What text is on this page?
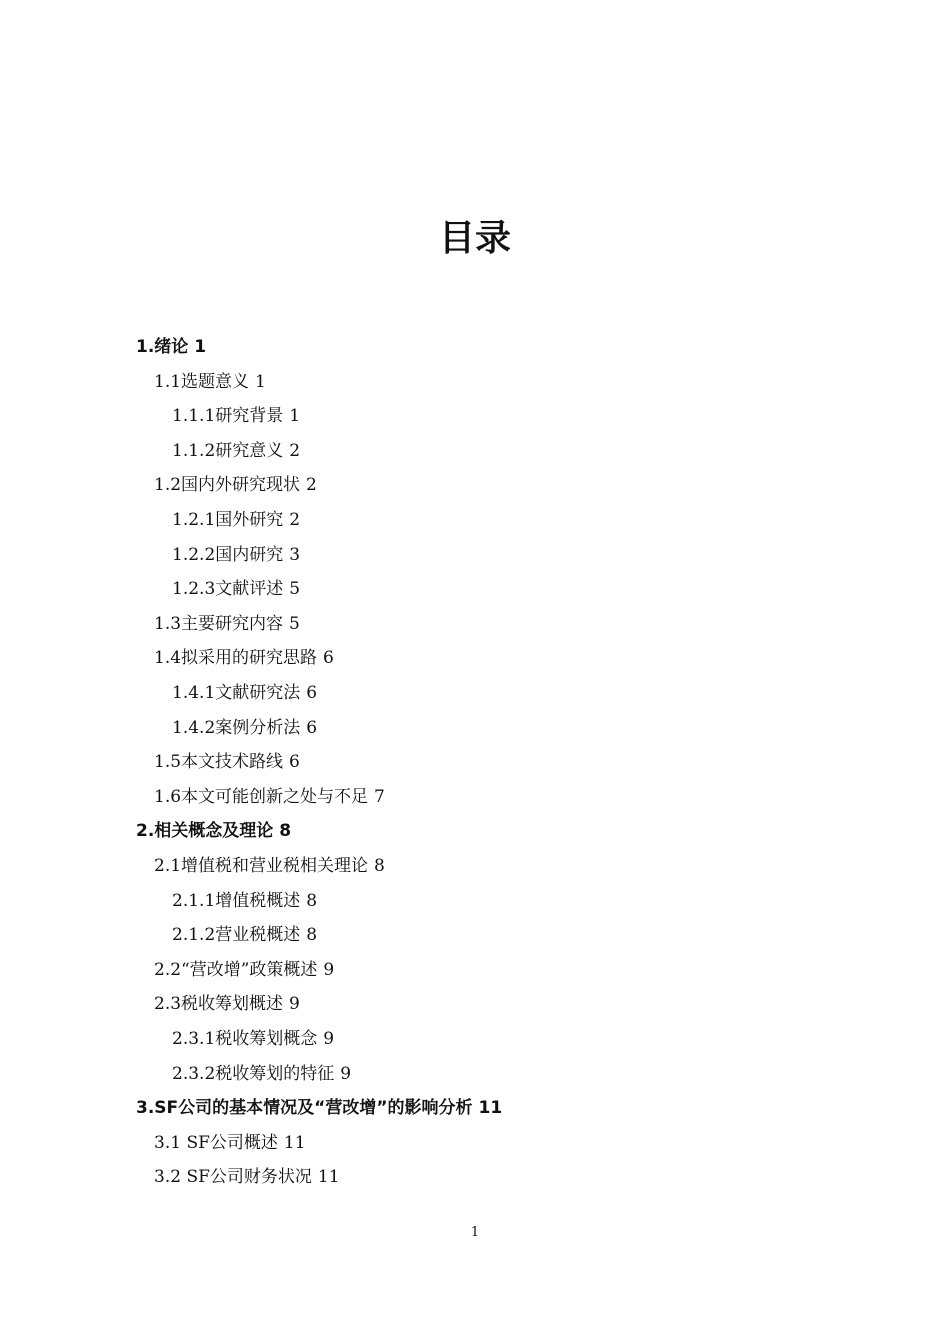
目录
1.绪论 1
1.1选题意义 1
1.1.1研究背景 1
1.1.2研究意义 2
1.2国内外研究现状 2
1.2.1国外研究 2
1.2.2国内研究 3
1.2.3文献评述 5
1.3主要研究内容 5
1.4拟采用的研究思路 6
1.4.1文献研究法 6
1.4.2案例分析法 6
1.5本文技术路线 6
1.6本文可能创新之处与不足 7
2.相关概念及理论 8
2.1增值税和营业税相关理论 8
2.1.1增值税概述 8
2.1.2营业税概述 8
2.2“营改增”政策概述 9
2.3税收筹划概述 9
2.3.1税收筹划概念 9
2.3.2税收筹划的特征 9
3.SF公司的基本情况及“营改增”的影响分析 11
3.1 SF公司概述 11
3.2 SF公司财务状况 11
1
